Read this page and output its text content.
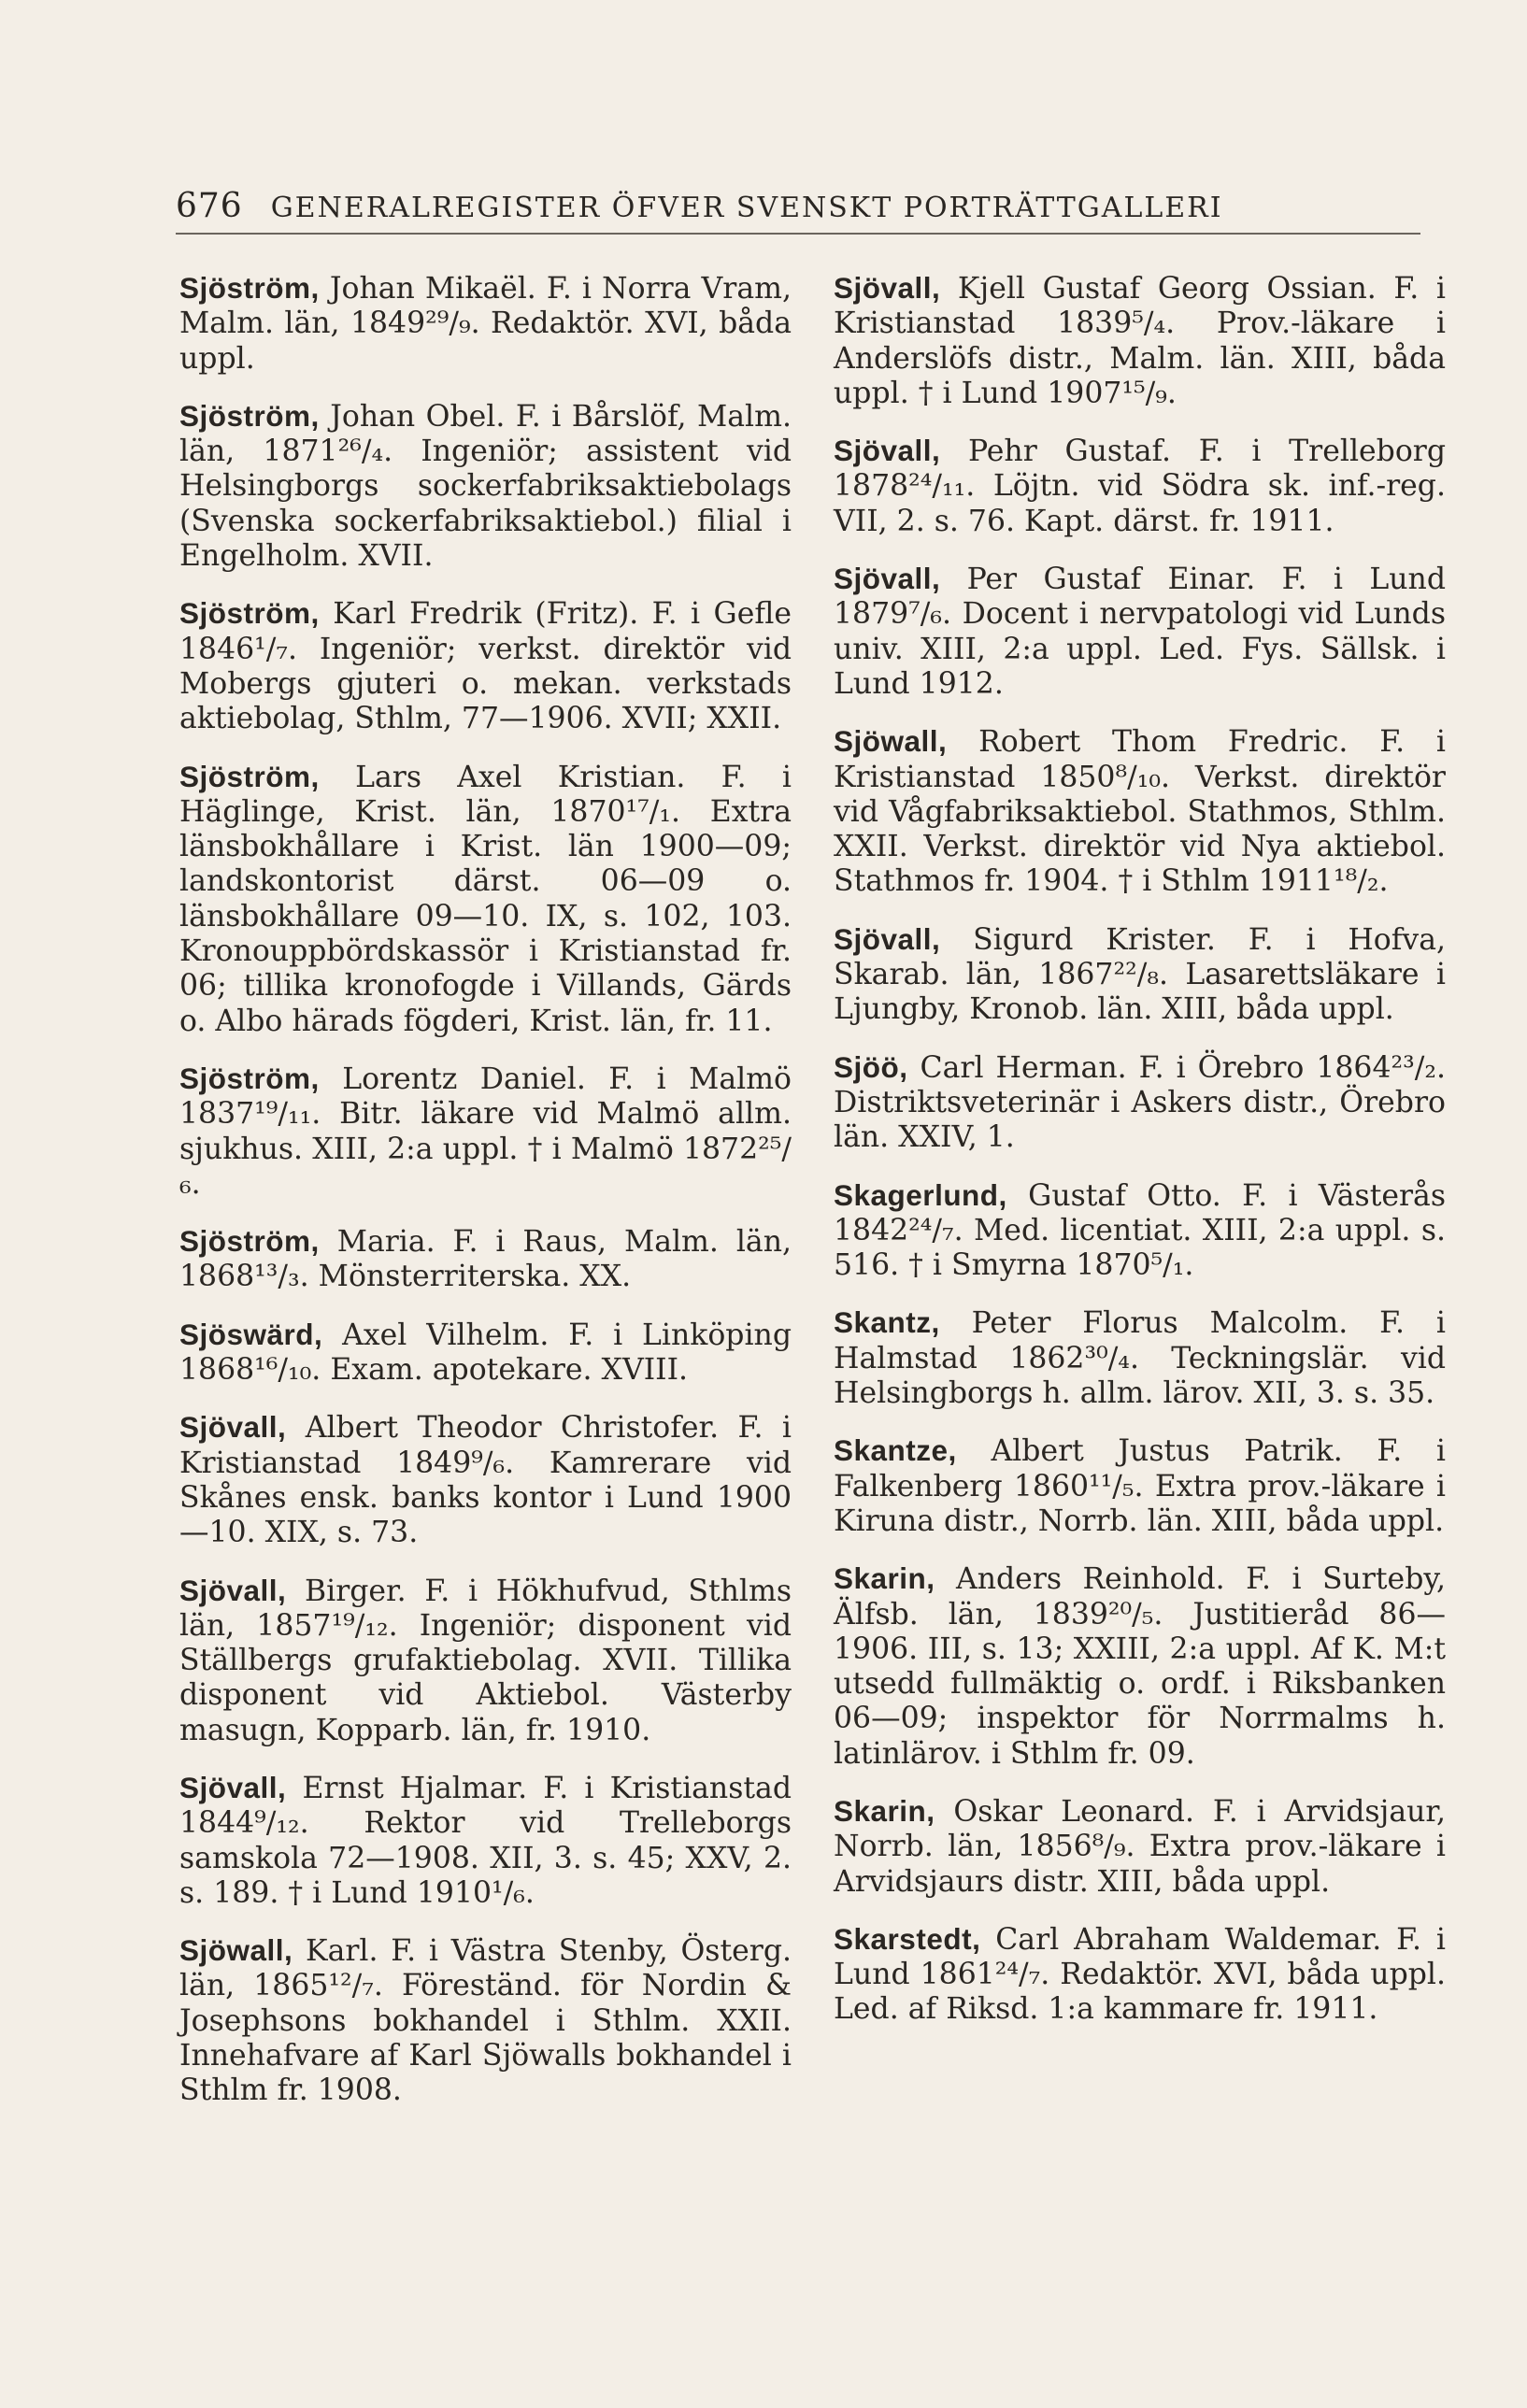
676 GENERALREGISTER ÖFVER SVENSKT PORTRÄTTGALLERI

Sjöström, Johan Mikaël. F. i Norra Vram, Malm. län, 1849²⁹/₉. Redaktör. XVI, båda uppl.

Sjöström, Johan Obel. F. i Bårslöf, Malm. län, 1871²⁶/₄. Ingeniör; assistent vid Helsingborgs sockerfabriksaktiebolags (Svenska sockerfabriksaktiebol.) filial i Engelholm. XVII.

Sjöström, Karl Fredrik (Fritz). F. i Gefle 1846¹/₇. Ingeniör; verkst. direktör vid Mobergs gjuteri o. mekan. verkstads aktiebolag, Sthlm, 77—1906. XVII; XXII.

Sjöström, Lars Axel Kristian. F. i Häglinge, Krist. län, 1870¹⁷/₁. Extra länsbokhållare i Krist. län 1900—09; landskontorist därst. 06—09 o. länsbokhållare 09—10. IX, s. 102, 103. Kronouppbördskassör i Kristianstad fr. 06; tillika kronofogde i Villands, Gärds o. Albo härads fögderi, Krist. län, fr. 11.

Sjöström, Lorentz Daniel. F. i Malmö 1837¹⁹/₁₁. Bitr. läkare vid Malmö allm. sjukhus. XIII, 2:a uppl. † i Malmö 1872²⁵/₆.

Sjöström, Maria. F. i Raus, Malm. län, 1868¹³/₃. Mönsterriterska. XX.

Sjöswärd, Axel Vilhelm. F. i Linköping 1868¹⁶/₁₀. Exam. apotekare. XVIII.

Sjövall, Albert Theodor Christofer. F. i Kristianstad 1849⁹/₆. Kamrerare vid Skånes ensk. banks kontor i Lund 1900—10. XIX, s. 73.

Sjövall, Birger. F. i Hökhufvud, Sthlms län, 1857¹⁹/₁₂. Ingeniör; disponent vid Ställbergs grufaktiebolag. XVII. Tillika disponent vid Aktiebol. Västerby masugn, Kopparb. län, fr. 1910.

Sjövall, Ernst Hjalmar. F. i Kristianstad 1844⁹/₁₂. Rektor vid Trelleborgs samskola 72—1908. XII, 3. s. 45; XXV, 2. s. 189. † i Lund 1910¹/₆.

Sjöwall, Karl. F. i Västra Stenby, Österg. län, 1865¹²/₇. Föreständ. för Nordin & Josephsons bokhandel i Sthlm. XXII. Innehafvare af Karl Sjöwalls bokhandel i Sthlm fr. 1908.

Sjövall, Kjell Gustaf Georg Ossian. F. i Kristianstad 1839⁵/₄. Prov.-läkare i Anderslöfs distr., Malm. län. XIII, båda uppl. † i Lund 1907¹⁵/₉.

Sjövall, Pehr Gustaf. F. i Trelleborg 1878²⁴/₁₁. Löjtn. vid Södra sk. inf.-reg. VII, 2. s. 76. Kapt. därst. fr. 1911.

Sjövall, Per Gustaf Einar. F. i Lund 1879⁷/₆. Docent i nervpatologi vid Lunds univ. XIII, 2:a uppl. Led. Fys. Sällsk. i Lund 1912.

Sjöwall, Robert Thom Fredric. F. i Kristianstad 1850⁸/₁₀. Verkst. direktör vid Vågfabriksaktiebol. Stathmos, Sthlm. XXII. Verkst. direktör vid Nya aktiebol. Stathmos fr. 1904. † i Sthlm 1911¹⁸/₂.

Sjövall, Sigurd Krister. F. i Hofva, Skarab. län, 1867²²/₈. Lasarettsläkare i Ljungby, Kronob. län. XIII, båda uppl.

Sjöö, Carl Herman. F. i Örebro 1864²³/₂. Distriktsveterinär i Askers distr., Örebro län. XXIV, 1.

Skagerlund, Gustaf Otto. F. i Västerås 1842²⁴/₇. Med. licentiat. XIII, 2:a uppl. s. 516. † i Smyrna 1870⁵/₁.

Skantz, Peter Florus Malcolm. F. i Halmstad 1862³⁰/₄. Teckningslär. vid Helsingborgs h. allm. lärov. XII, 3. s. 35.

Skantze, Albert Justus Patrik. F. i Falkenberg 1860¹¹/₅. Extra prov.-läkare i Kiruna distr., Norrb. län. XIII, båda uppl.

Skarin, Anders Reinhold. F. i Surteby, Älfsb. län, 1839²⁰/₅. Justitieråd 86—1906. III, s. 13; XXIII, 2:a uppl. Af K. M:t utsedd fullmäktig o. ordf. i Riksbanken 06—09; inspektor för Norrmalms h. latinlärov. i Sthlm fr. 09.

Skarin, Oskar Leonard. F. i Arvidsjaur, Norrb. län, 1856⁸/₉. Extra prov.-läkare i Arvidsjaurs distr. XIII, båda uppl.

Skarstedt, Carl Abraham Waldemar. F. i Lund 1861²⁴/₇. Redaktör. XVI, båda uppl. Led. af Riksd. 1:a kammare fr. 1911.
